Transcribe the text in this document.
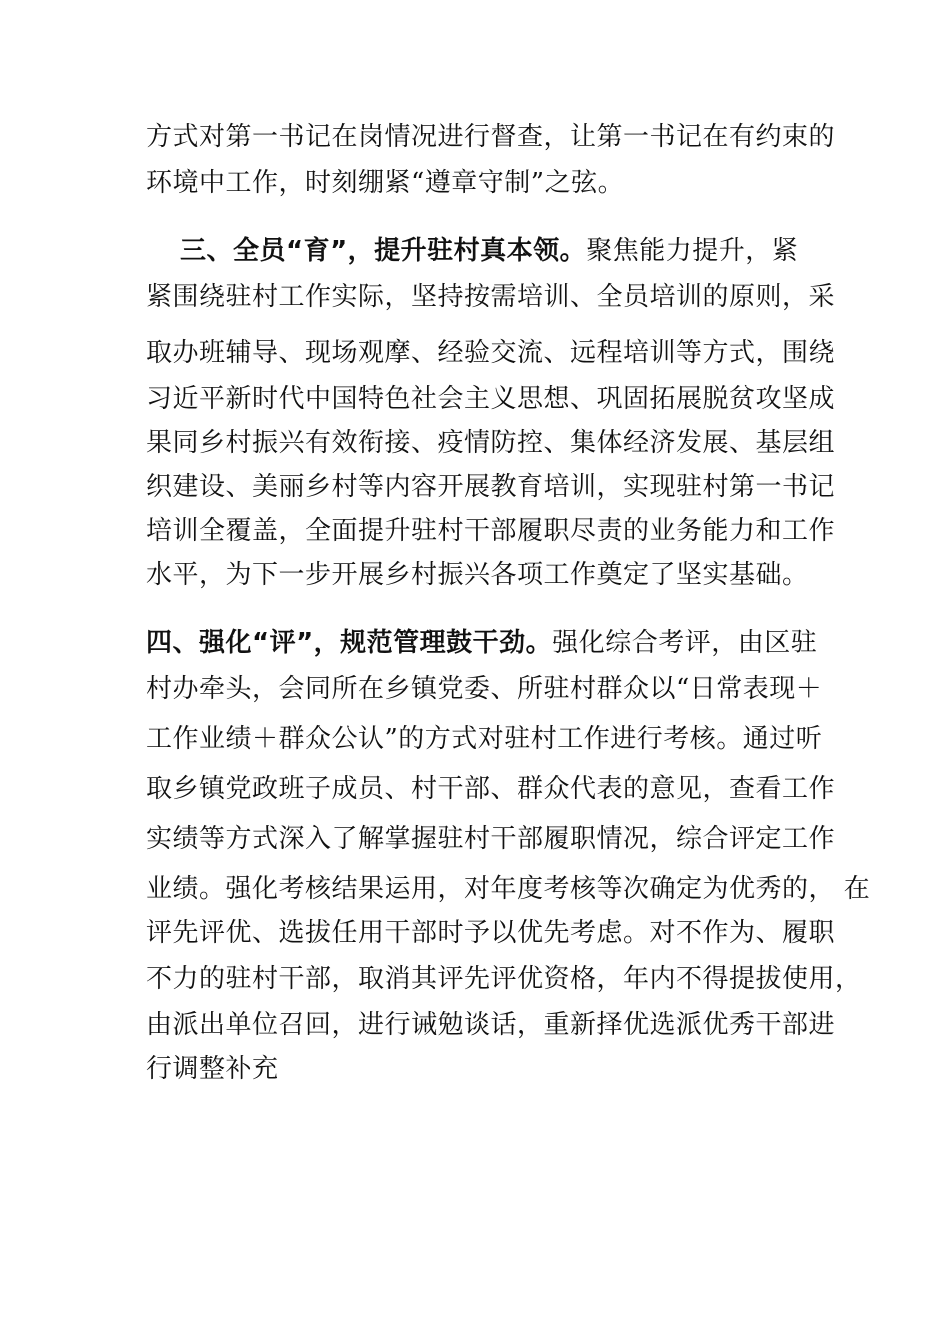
方式对第一书记在岗情况进行督查，让第一书记在有约束的
环境中工作，时刻绷紧“遵章守制”之弦。
三、全员“育”，提升驻村真本领。聚焦能力提升，紧
紧围绕驻村工作实际，坚持按需培训、全员培训的原则，采
取办班辅导、现场观摩、经验交流、远程培训等方式，围绕
习近平新时代中国特色社会主义思想、巩固拓展脱贫攻坚成
果同乡村振兴有效衔接、疫情防控、集体经济发展、基层组
织建设、美丽乡村等内容开展教育培训，实现驻村第一书记
培训全覆盖，全面提升驻村干部履职尽责的业务能力和工作
水平，为下一步开展乡村振兴各项工作奠定了坚实基础。
四、强化“评”，规范管理鼓干劲。强化综合考评，由区驻
村办牵头，会同所在乡镇党委、所驻村群众以“日常表现＋
工作业绩＋群众公认”的方式对驻村工作进行考核。通过听
取乡镇党政班子成员、村干部、群众代表的意见，查看工作
实绩等方式深入了解掌握驻村干部履职情况，综合评定工作
业绩。强化考核结果运用，对年度考核等次确定为优秀的， 在
评先评优、选拔任用干部时予以优先考虑。对不作为、履职
不力的驻村干部，取消其评先评优资格，年内不得提拔使用，
由派出单位召回，进行诫勉谈话，重新择优选派优秀干部进
行调整补充
